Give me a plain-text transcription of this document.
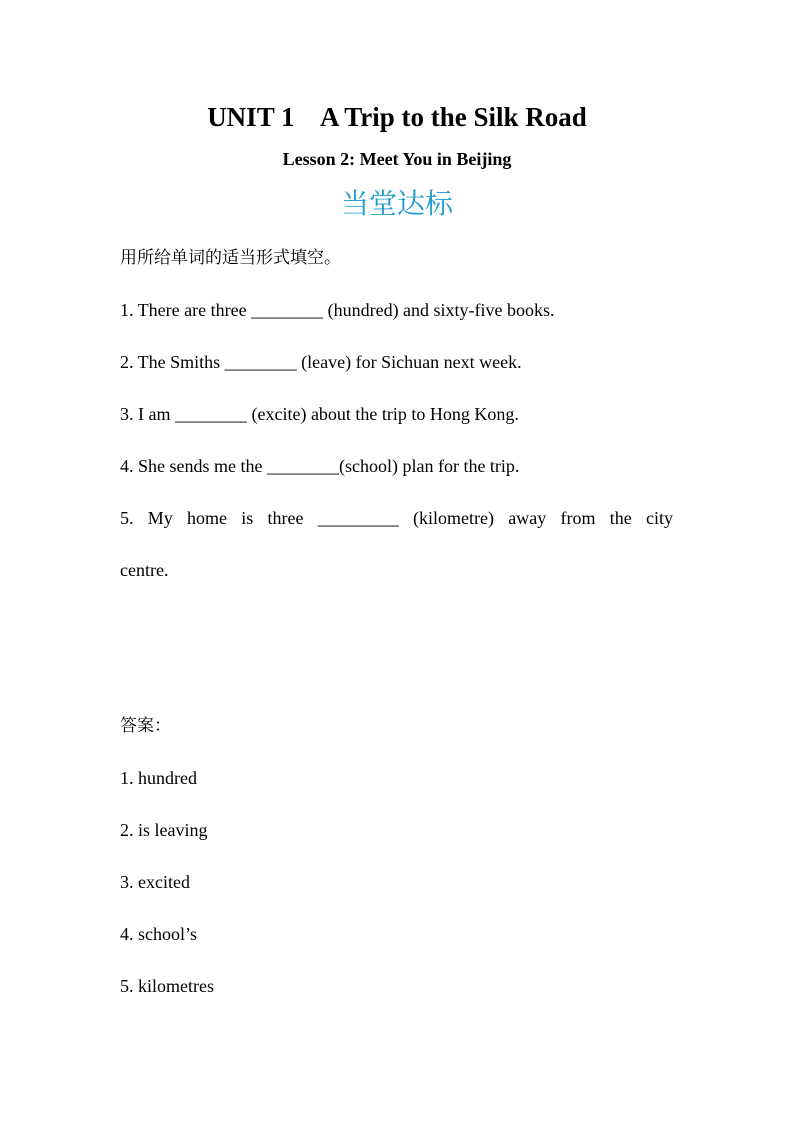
UNIT 1    A Trip to the Silk Road
Lesson 2: Meet You in Beijing
当堂达标
用所给单词的适当形式填空。
1. There are three ________ (hundred) and sixty-five books.
2. The Smiths ________ (leave) for Sichuan next week.
3. I am ________ (excite) about the trip to Hong Kong.
4. She sends me the ________(school) plan for the trip.
5. My home is three _________ (kilometre) away from the city
centre.
答案：
1. hundred
2. is leaving
3. excited
4. school’s
5. kilometres
